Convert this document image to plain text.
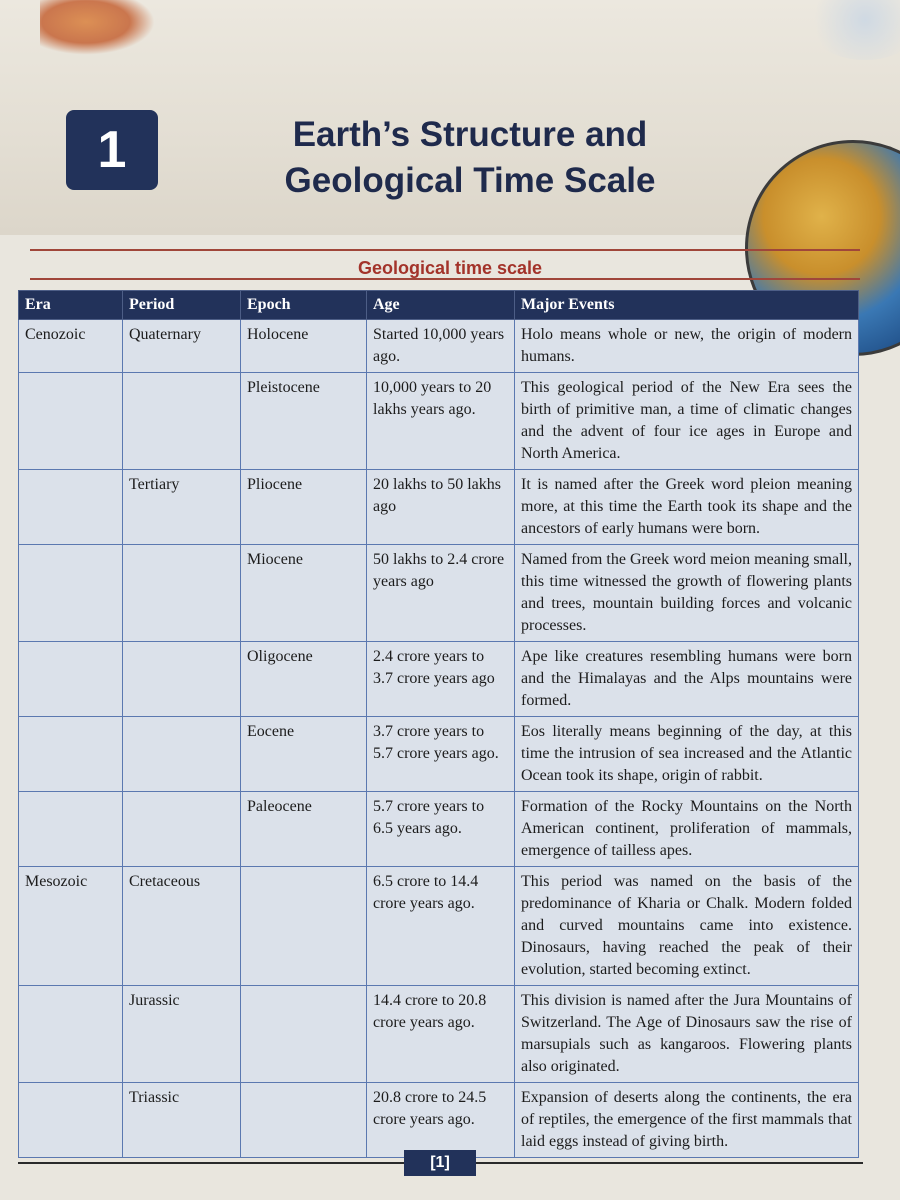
1	Earth’s Structure and Geological Time Scale
Geological time scale
Era	Period	Epoch	Age	Major Events
Cenozoic	Quaternary	Holocene	Started 10,000 years ago.	Holo means whole or new, the origin of modern humans.
		Pleistocene	10,000 years to 20 lakhs years ago.	This geological period of the New Era sees the birth of primitive man, a time of climatic changes and the advent of four ice ages in Europe and North America.
	Tertiary	Pliocene	20 lakhs to 50 lakhs ago	It is named after the Greek word pleion meaning more, at this time the Earth took its shape and the ancestors of early humans were born.
		Miocene	50 lakhs to 2.4 crore years ago	Named from the Greek word meion meaning small, this time witnessed the growth of flowering plants and trees, mountain building forces and volcanic processes.
		Oligocene	2.4 crore years to 3.7 crore years ago	Ape like creatures resembling humans were born and the Himalayas and the Alps mountains were formed.
		Eocene	3.7 crore years to 5.7 crore years ago.	Eos literally means beginning of the day, at this time the intrusion of sea increased and the Atlantic Ocean took its shape, origin of rabbit.
		Paleocene	5.7 crore years to 6.5 years ago.	Formation of the Rocky Mountains on the North American continent, proliferation of mammals, emergence of tailless apes.
Mesozoic	Cretaceous		6.5 crore to 14.4 crore years ago.	This period was named on the basis of the predominance of Kharia or Chalk. Modern folded and curved mountains came into existence. Dinosaurs, having reached the peak of their evolution, started becoming extinct.
	Jurassic		14.4 crore to 20.8 crore years ago.	This division is named after the Jura Mountains of Switzerland. The Age of Dinosaurs saw the rise of marsupials such as kangaroos. Flowering plants also originated.
	Triassic		20.8 crore to 24.5 crore years ago.	Expansion of deserts along the continents, the era of reptiles, the emergence of the first mammals that laid eggs instead of giving birth.
[1]
